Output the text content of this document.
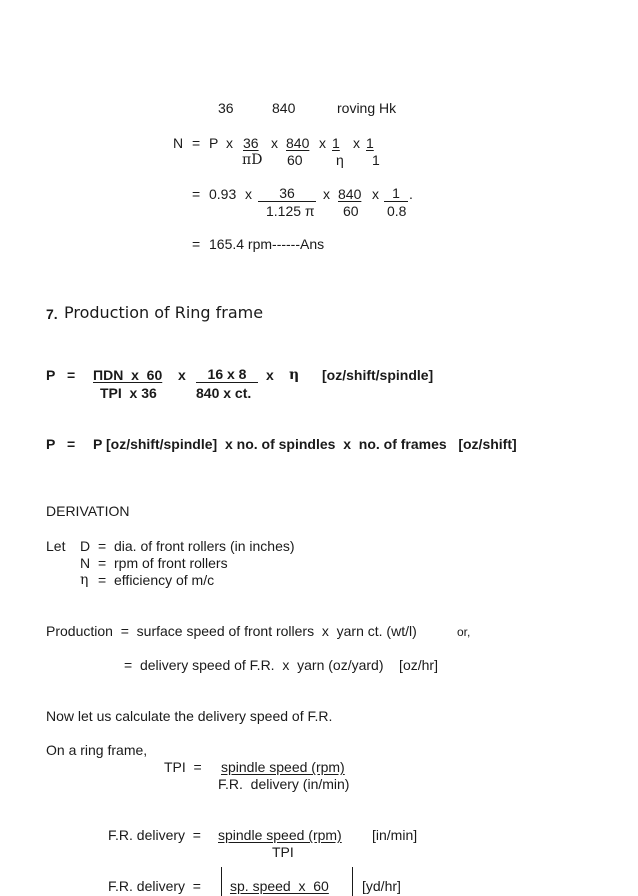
36	840	roving Hk
N = P x 36 x 840 x 1 x 1
πD 60 η 1
= 0.93 x	36	x 840 x 1 .
1.125 π 60 0.8
= 165.4 rpm------Ans
7. Production of Ring frame
P = ΠDN  x  60 x	16 x 8	x η [oz/shift/spindle]
TPI  x 36	840 x ct.
P = P [oz/shift/spindle]  x no. of spindles  x  no. of frames   [oz/shift]
DERIVATION
Let D = dia. of front rollers (in inches)
N = rpm of front rollers
η = efficiency of m/c
Production  =  surface speed of front rollers  x  yarn ct. (wt/l)	or,
=  delivery speed of F.R.  x  yarn (oz/yard)    [oz/hr]
Now let us calculate the delivery speed of F.R.
On a ring frame,
TPI  = spindle speed (rpm)
F.R.  delivery (in/min)
F.R. delivery  = spindle speed (rpm) [in/min]
TPI
F.R. delivery  = sp. speed  x  60 [yd/hr]
